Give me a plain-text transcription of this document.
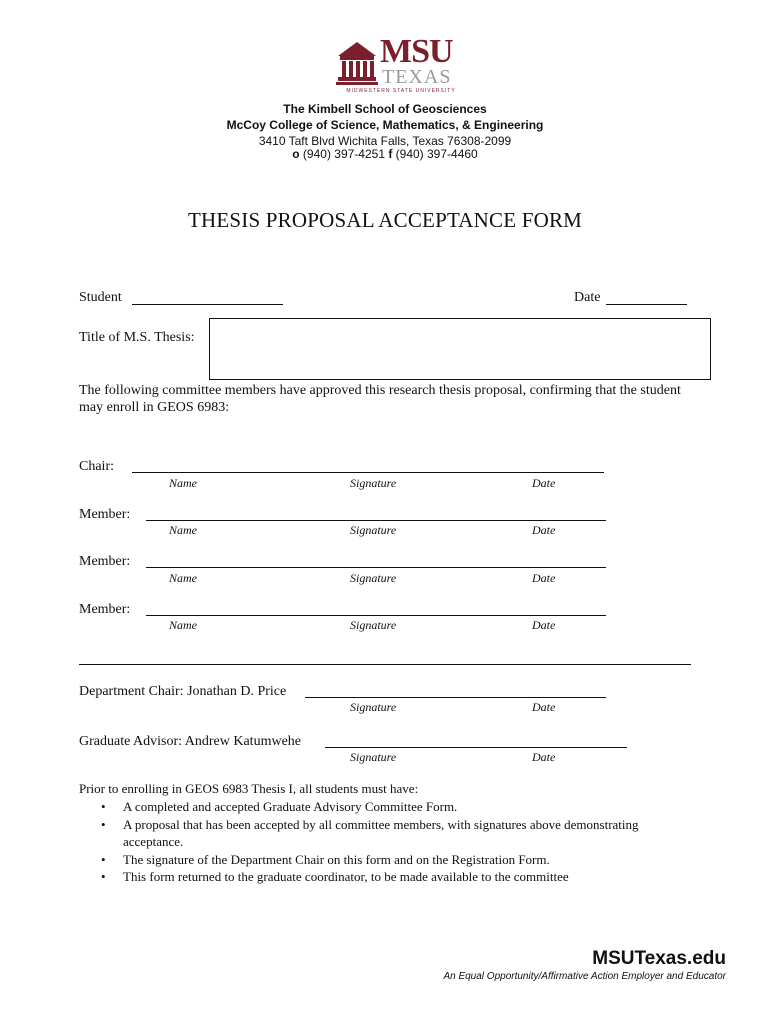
MSU
TEXAS
MIDWESTERN STATE UNIVERSITY
The Kimbell School of Geosciences
McCoy College of Science, Mathematics, & Engineering
3410 Taft Blvd Wichita Falls, Texas 76308-2099
o (940) 397-4251 f (940) 397-4460
THESIS PROPOSAL ACCEPTANCE FORM
Student	Date
Title of M.S. Thesis:
The following committee members have approved this research thesis proposal, confirming that the student may enroll in GEOS 6983:
Chair:
Name	Signature	Date
Member:
Name	Signature	Date
Member:
Name	Signature	Date
Member:
Name	Signature	Date
Department Chair: Jonathan D. Price
Signature	Date
Graduate Advisor: Andrew Katumwehe
Signature	Date
Prior to enrolling in GEOS 6983 Thesis I, all students must have:
• A completed and accepted Graduate Advisory Committee Form.
• A proposal that has been accepted by all committee members, with signatures above demonstrating acceptance.
• The signature of the Department Chair on this form and on the Registration Form.
• This form returned to the graduate coordinator, to be made available to the committee
MSUTexas.edu
An Equal Opportunity/Affirmative Action Employer and Educator
